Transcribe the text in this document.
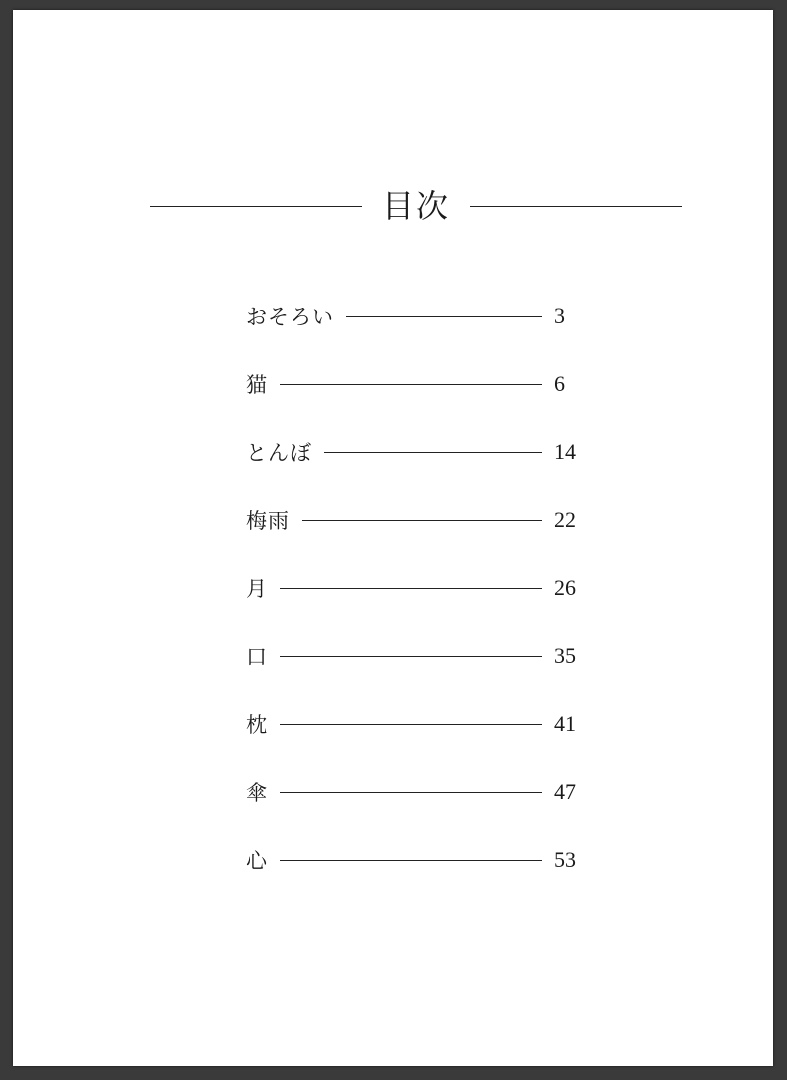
目次
おそろい	3
猫	6
とんぼ	14
梅雨	22
月	26
口	35
枕	41
傘	47
心	53
